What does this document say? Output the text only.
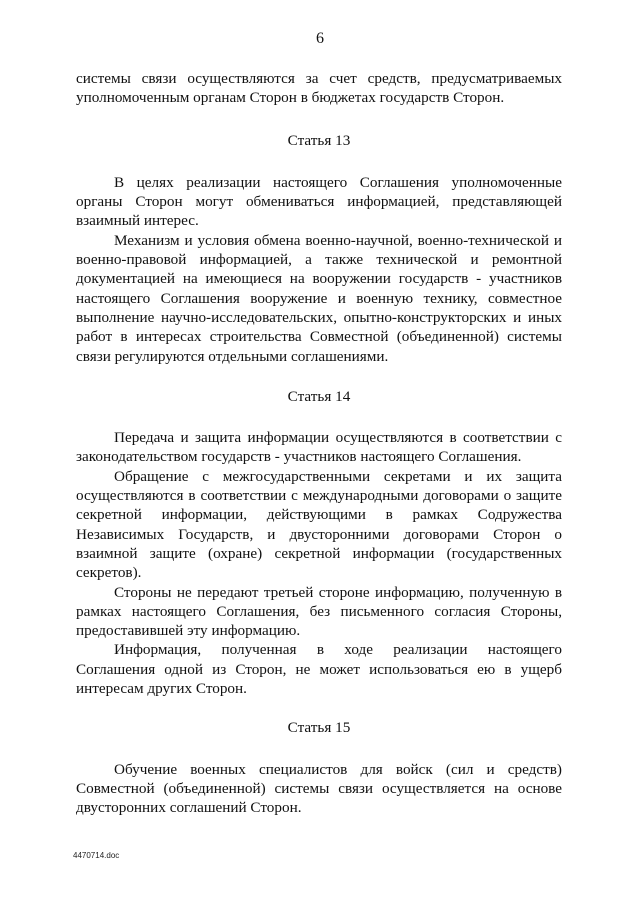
6

системы связи осуществляются за счет средств, предусматриваемых уполномоченным органам Сторон в бюджетах государств Сторон.

Статья 13

В целях реализации настоящего Соглашения уполномоченные органы Сторон могут обмениваться информацией, представляющей взаимный интерес.

Механизм и условия обмена военно-научной, военно-технической и военно-правовой информацией, а также технической и ремонтной документацией на имеющиеся на вооружении государств - участников настоящего Соглашения вооружение и военную технику, совместное выполнение научно-исследовательских, опытно-конструкторских и иных работ в интересах строительства Совместной (объединенной) системы связи регулируются отдельными соглашениями.

Статья 14

Передача и защита информации осуществляются в соответствии с законодательством государств - участников настоящего Соглашения.

Обращение с межгосударственными секретами и их защита осуществляются в соответствии с международными договорами о защите секретной информации, действующими в рамках Содружества Независимых Государств, и двусторонними договорами Сторон о взаимной защите (охране) секретной информации (государственных секретов).

Стороны не передают третьей стороне информацию, полученную в рамках настоящего Соглашения, без письменного согласия Стороны, предоставившей эту информацию.

Информация, полученная в ходе реализации настоящего Соглашения одной из Сторон, не может использоваться ею в ущерб интересам других Сторон.

Статья 15

Обучение военных специалистов для войск (сил и средств) Совместной (объединенной) системы связи осуществляется на основе двусторонних соглашений Сторон.

4470714.doc
